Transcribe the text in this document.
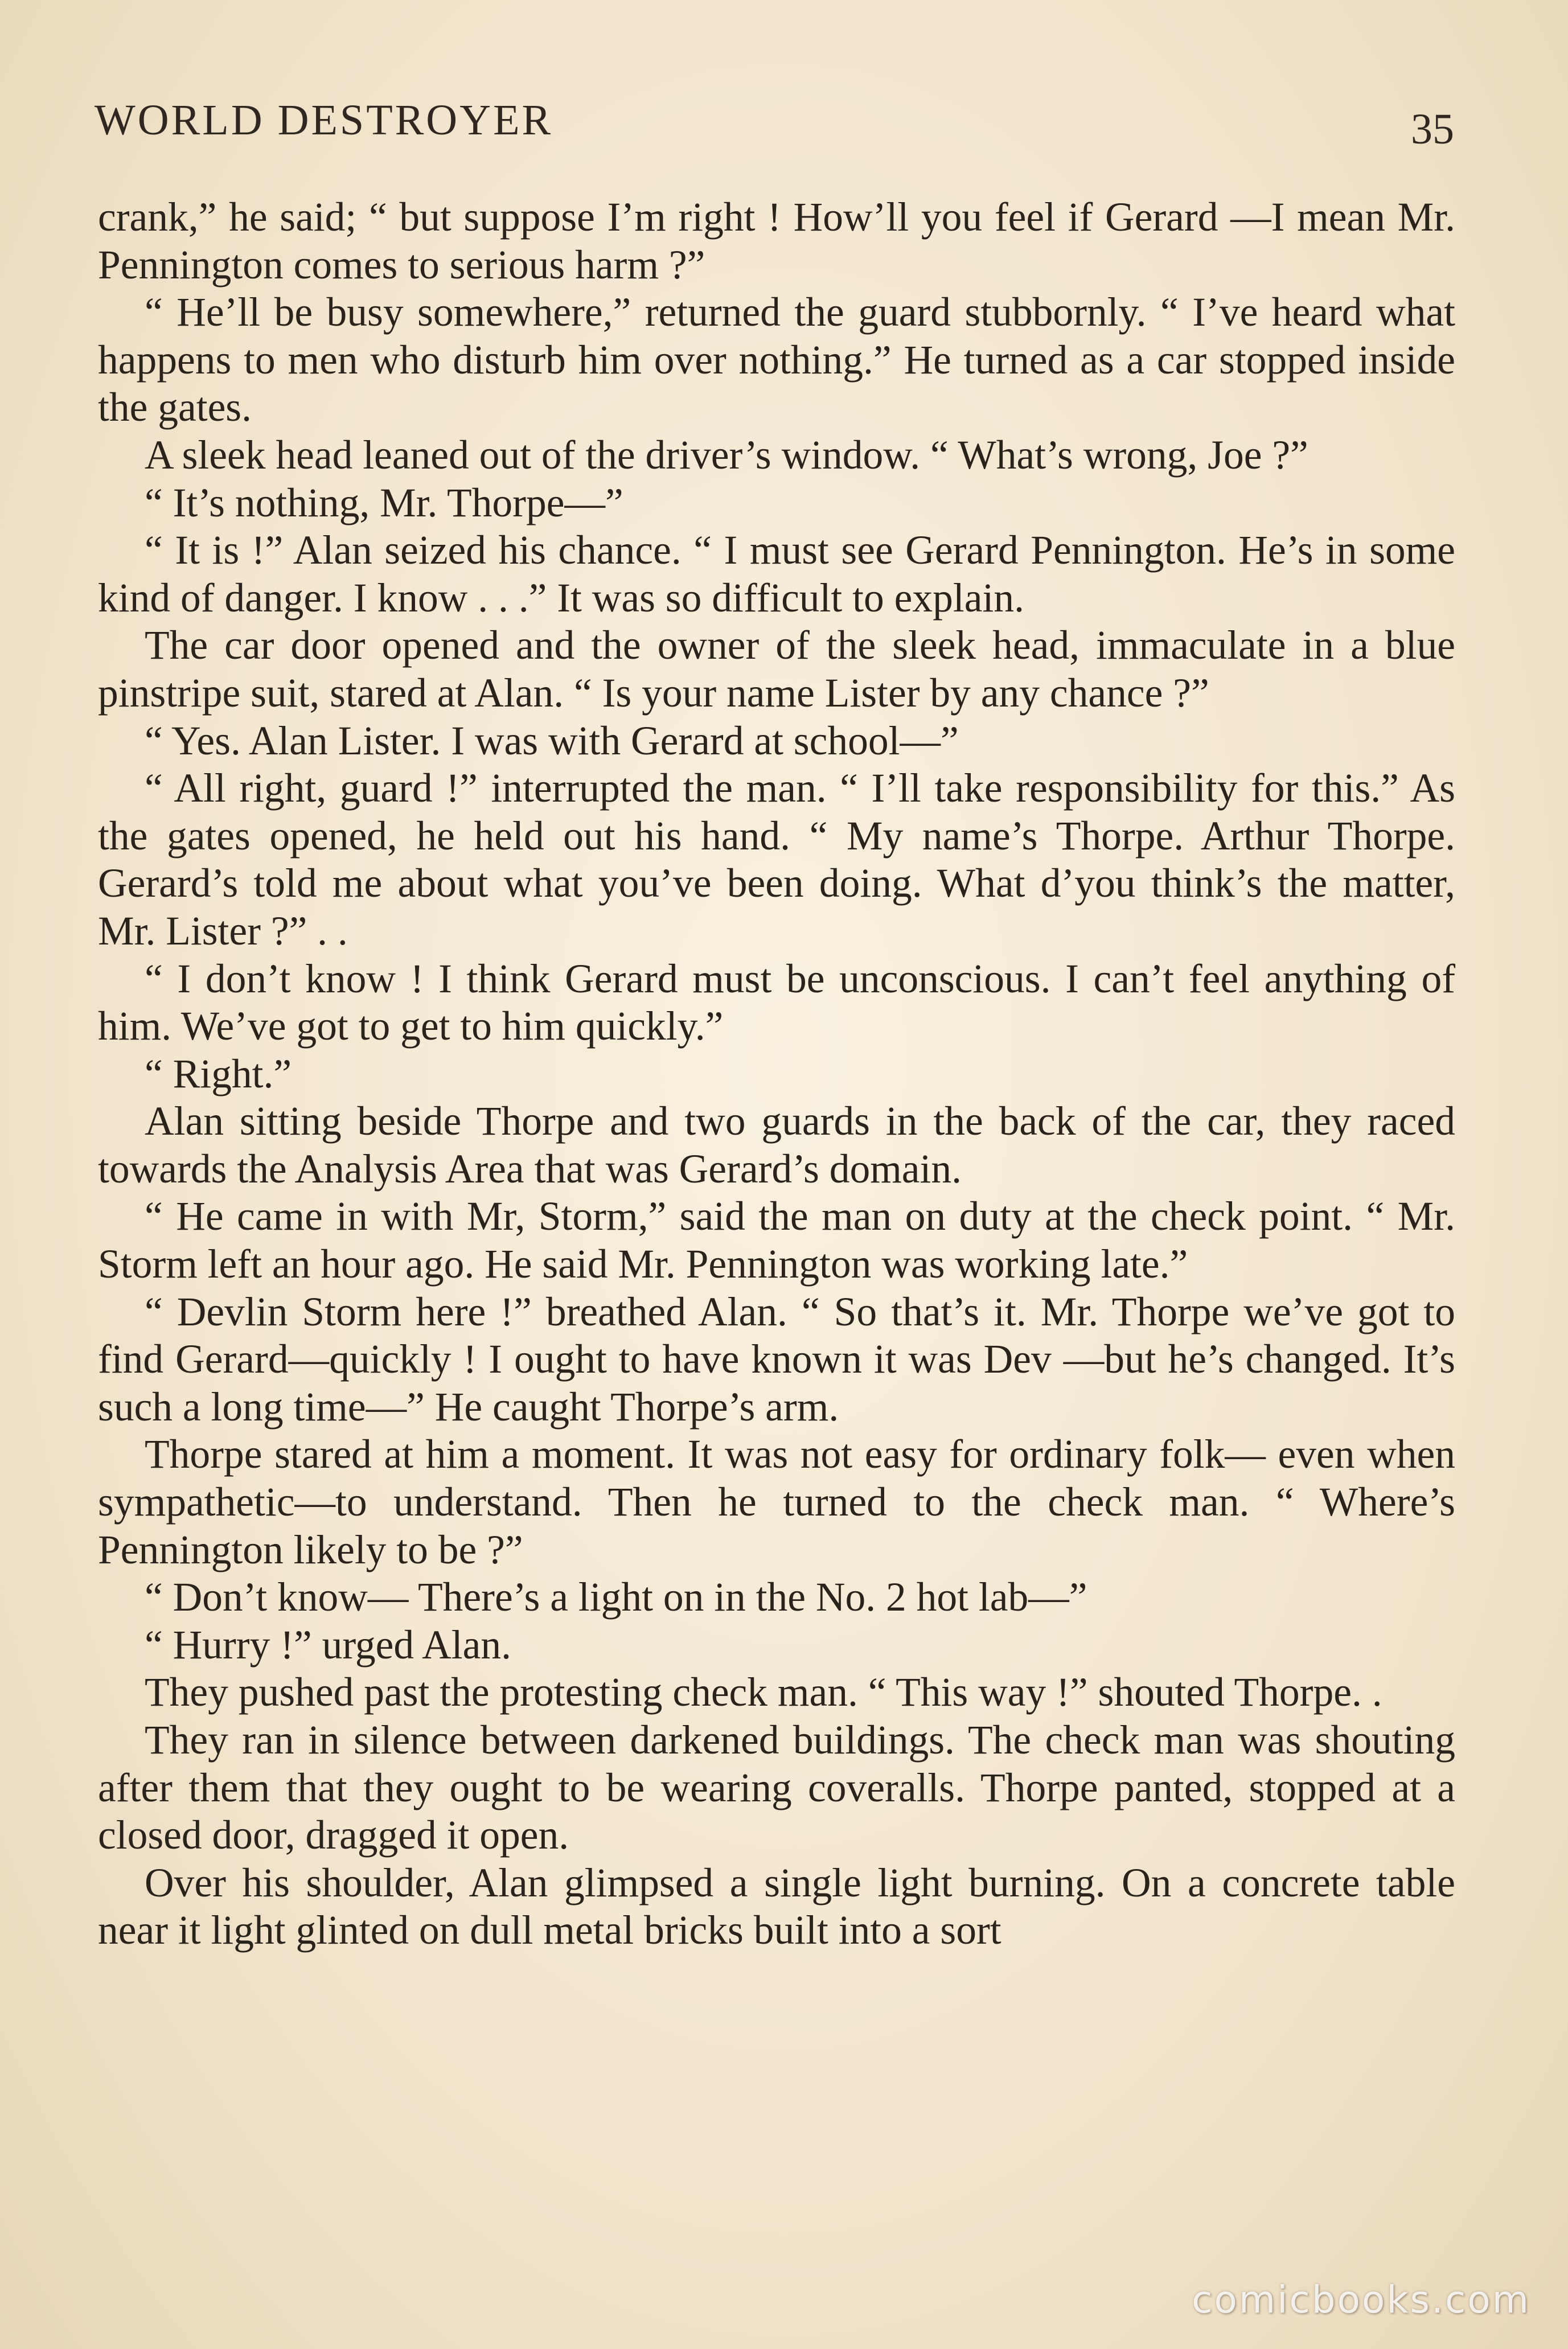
WORLD DESTROYER	35

crank,” he said; “ but suppose I’m right ! How’ll you feel if Gerard —I mean Mr. Pennington comes to serious harm ?”

“ He’ll be busy somewhere,” returned the guard stubbornly. “ I’ve heard what happens to men who disturb him over nothing.” He turned as a car stopped inside the gates.

A sleek head leaned out of the driver’s window. “ What’s wrong, Joe ?”

“ It’s nothing, Mr. Thorpe—”

“ It is !” Alan seized his chance. “ I must see Gerard Pennington. He’s in some kind of danger. I know . . .” It was so difficult to explain.

The car door opened and the owner of the sleek head, immaculate in a blue pinstripe suit, stared at Alan. “ Is your name Lister by any chance ?”

“ Yes. Alan Lister. I was with Gerard at school—”

“ All right, guard !” interrupted the man. “ I’ll take responsibility for this.” As the gates opened, he held out his hand. “ My name’s Thorpe. Arthur Thorpe. Gerard’s told me about what you’ve been doing. What d’you think’s the matter, Mr. Lister ?” . .

“ I don’t know ! I think Gerard must be unconscious. I can’t feel anything of him. We’ve got to get to him quickly.”

“ Right.”

Alan sitting beside Thorpe and two guards in the back of the car, they raced towards the Analysis Area that was Gerard’s domain.

“ He came in with Mr, Storm,” said the man on duty at the check point. “ Mr. Storm left an hour ago. He said Mr. Pennington was working late.”

“ Devlin Storm here !” breathed Alan. “ So that’s it. Mr. Thorpe we’ve got to find Gerard—quickly ! I ought to have known it was Dev —but he’s changed. It’s such a long time—” He caught Thorpe’s arm.

Thorpe stared at him a moment. It was not easy for ordinary folk— even when sympathetic—to understand. Then he turned to the check man. “ Where’s Pennington likely to be ?”

“ Don’t know— There’s a light on in the No. 2 hot lab—”

“ Hurry !” urged Alan.

They pushed past the protesting check man. “ This way !” shouted Thorpe. .

They ran in silence between darkened buildings. The check man was shouting after them that they ought to be wearing coveralls. Thorpe panted, stopped at a closed door, dragged it open.

Over his shoulder, Alan glimpsed a single light burning. On a concrete table near it light glinted on dull metal bricks built into a sort

comicbooks.com
